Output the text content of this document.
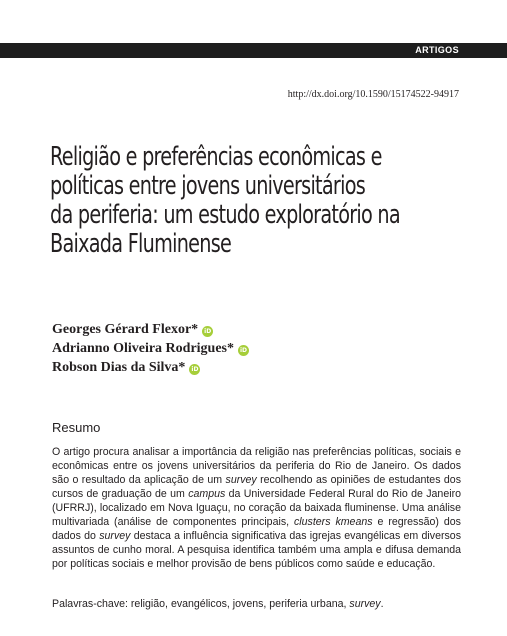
ARTIGOS
http://dx.doi.org/10.1590/15174522-94917
Religião e preferências econômicas e
políticas entre jovens universitários
da periferia: um estudo exploratório na
Baixada Fluminense
Georges Gérard Flexor* iD
Adrianno Oliveira Rodrigues* iD
Robson Dias da Silva* iD
Resumo

O artigo procura analisar a importância da religião nas preferências políticas, sociais e econômicas entre os jovens universitários da periferia do Rio de Janeiro. Os dados são o resultado da aplicação de um survey recolhendo as opiniões de estudantes dos cursos de graduação de um campus da Universidade Federal Rural do Rio de Janeiro (UFRRJ), localizado em Nova Iguaçu, no coração da baixada fluminense. Uma análise multivariada (análise de componentes principais, clusters kmeans e regressão) dos dados do survey destaca a influência significativa das igrejas evangélicas em diversos assuntos de cunho moral. A pesquisa identifica também uma ampla e difusa demanda por políticas sociais e melhor provisão de bens públicos como saúde e educação.

Palavras-chave: religião, evangélicos, jovens, periferia urbana, survey.
